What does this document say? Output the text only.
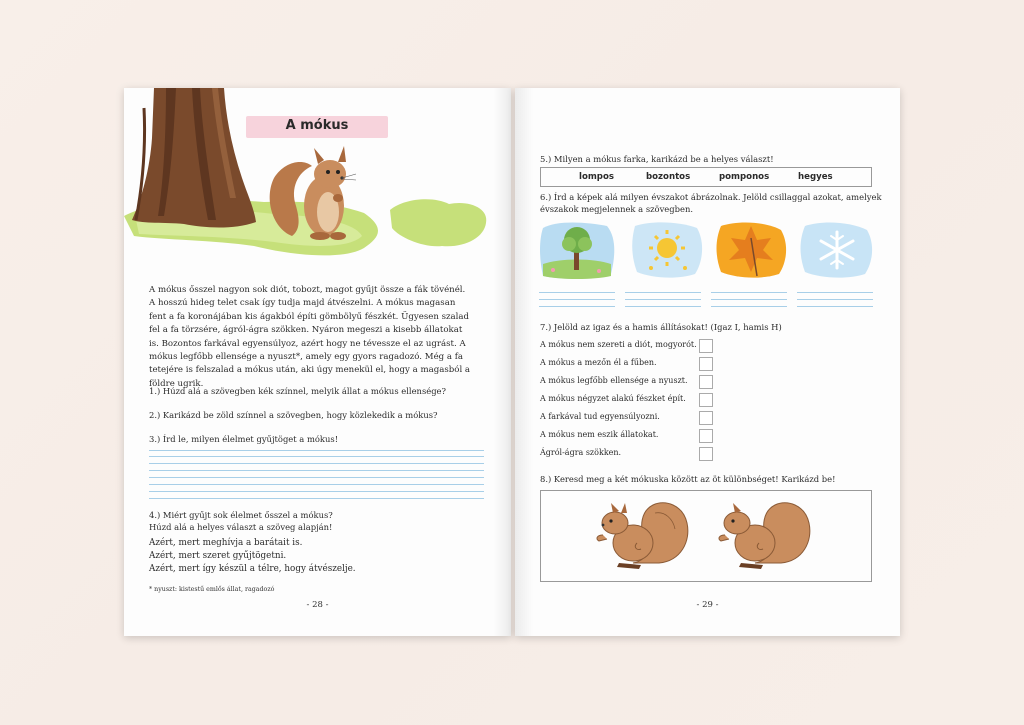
A mókus
A mókus ősszel nagyon sok diót, tobozt, magot gyűjt össze a fák tövénél. A hosszú hideg telet csak így tudja majd átvészelni. A mókus magasan fent a fa koronájában kis ágakból építi gömbölyű fészkét. Ügyesen szalad fel a fa törzsére, ágról-ágra szökken. Nyáron megeszi a kisebb állatokat is. Bozontos farkával egyensúlyoz, azért hogy ne tévessze el az ugrást. A mókus legfőbb ellensége a nyuszt*, amely egy gyors ragadozó. Még a fa tetejére is felszalad a mókus után, aki úgy menekül el, hogy a magasból a földre ugrik.
1.) Húzd alá a szövegben kék színnel, melyik állat a mókus ellensége?
2.) Karikázd be zöld színnel a szövegben, hogy közlekedik a mókus?
3.) Írd le, milyen élelmet gyűjtöget a mókus!
4.) Miért gyűjt sok élelmet ősszel a mókus?
Húzd alá a helyes választ a szöveg alapján!
Azért, mert meghívja a barátait is.
Azért, mert szeret gyűjtögetni.
Azért, mert így készül a télre, hogy átvészelje.
* nyuszt: kistestű emlős állat, ragadozó
- 28 -
5.) Milyen a mókus farka, karikázd be a helyes választ!
lompos	bozontos	pomponos	hegyes
6.) Írd a képek alá milyen évszakot ábrázolnak. Jelöld csillaggal azokat, amelyek
évszakok megjelennek a szövegben.
7.) Jelöld az igaz és a hamis állításokat! (Igaz I, hamis H)
A mókus nem szereti a diót, mogyorót.
A mókus a mezőn él a fűben.
A mókus legfőbb ellensége a nyuszt.
A mókus négyzet alakú fészket épít.
A farkával tud egyensúlyozni.
A mókus nem eszik állatokat.
Ágról-ágra szökken.
8.) Keresd meg a két mókuska között az öt különbséget! Karikázd be!
- 29 -
